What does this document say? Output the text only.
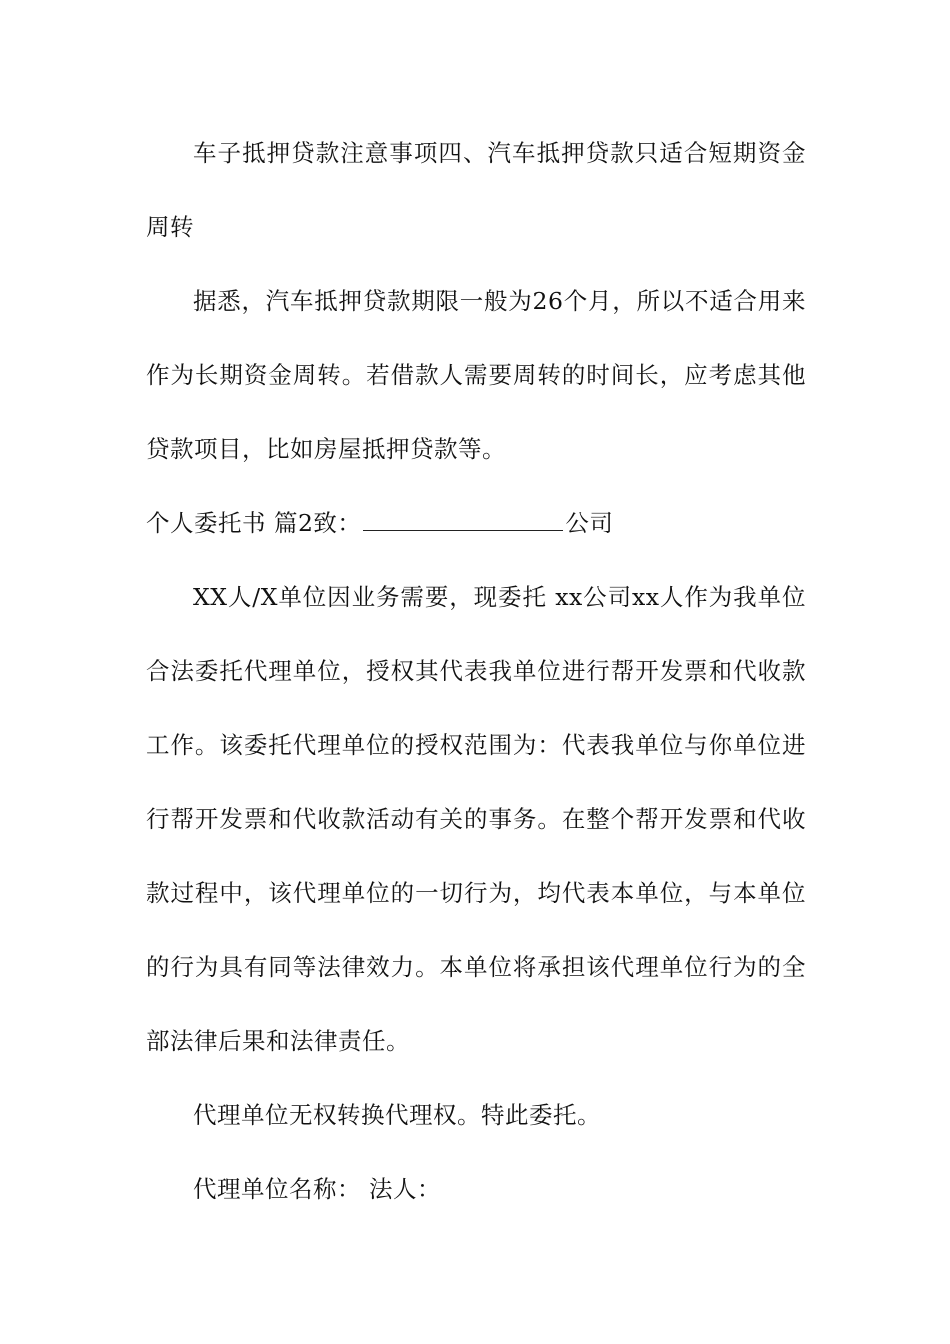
车子抵押贷款注意事项四、汽车抵押贷款只适合短期资金周转

据悉，汽车抵押贷款期限一般为26个月，所以不适合用来作为长期资金周转。若借款人需要周转的时间长，应考虑其他贷款项目，比如房屋抵押贷款等。

个人委托书 篇2致：	公司

XX人/X单位因业务需要，现委托 xx公司xx人作为我单位合法委托代理单位，授权其代表我单位进行帮开发票和代收款工作。该委托代理单位的授权范围为：代表我单位与你单位进行帮开发票和代收款活动有关的事务。在整个帮开发票和代收款过程中，该代理单位的一切行为，均代表本单位，与本单位的行为具有同等法律效力。本单位将承担该代理单位行为的全部法律后果和法律责任。

代理单位无权转换代理权。特此委托。

代理单位名称： 法人：
